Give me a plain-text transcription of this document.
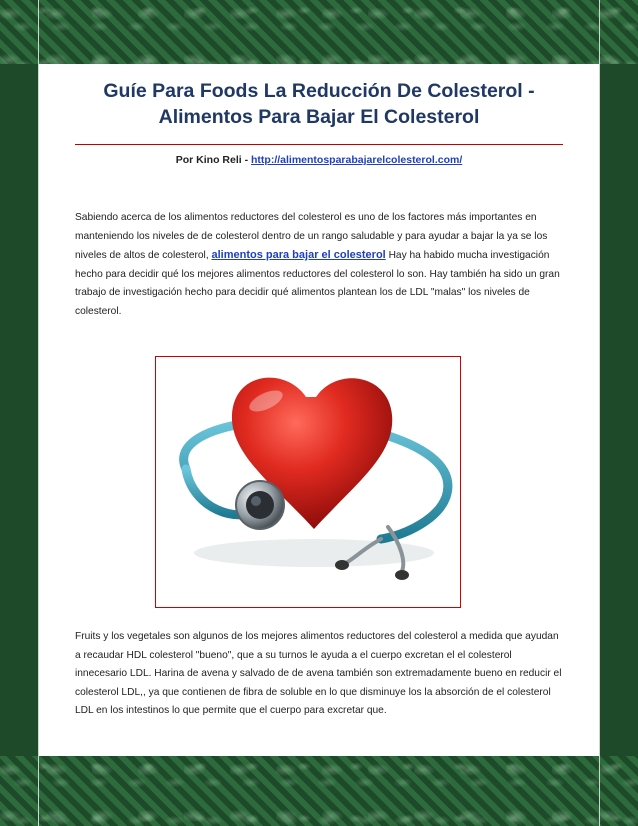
Guíe Para Foods La Reducción De Colesterol -
Alimentos Para Bajar El Colesterol
Por Kino Reli - http://alimentosparabajarelcolesterol.com/
Sabiendo acerca de los alimentos reductores del colesterol es uno de los factores más importantes en manteniendo los niveles de de colesterol dentro de un rango saludable y para ayudar a bajar la ya se los niveles de altos de colesterol, alimentos para bajar el colesterol Hay ha habido mucha investigación hecho para decidir qué los mejores alimentos reductores del colesterol lo son. Hay también ha sido un gran trabajo de investigación hecho para decidir qué alimentos plantean los de LDL "malas" los niveles de colesterol.
Fruits y los vegetales son algunos de los mejores alimentos reductores del colesterol a medida que ayudan a recaudar HDL colesterol "bueno", que a su turnos le ayuda a el cuerpo excretan el el colesterol innecesario LDL. Harina de avena y salvado de de avena también son extremadamente bueno en reducir el colesterol LDL,, ya que contienen de fibra de soluble en lo que disminuye los la absorción de el colesterol LDL en los intestinos lo que permite que el cuerpo para excretar que.
